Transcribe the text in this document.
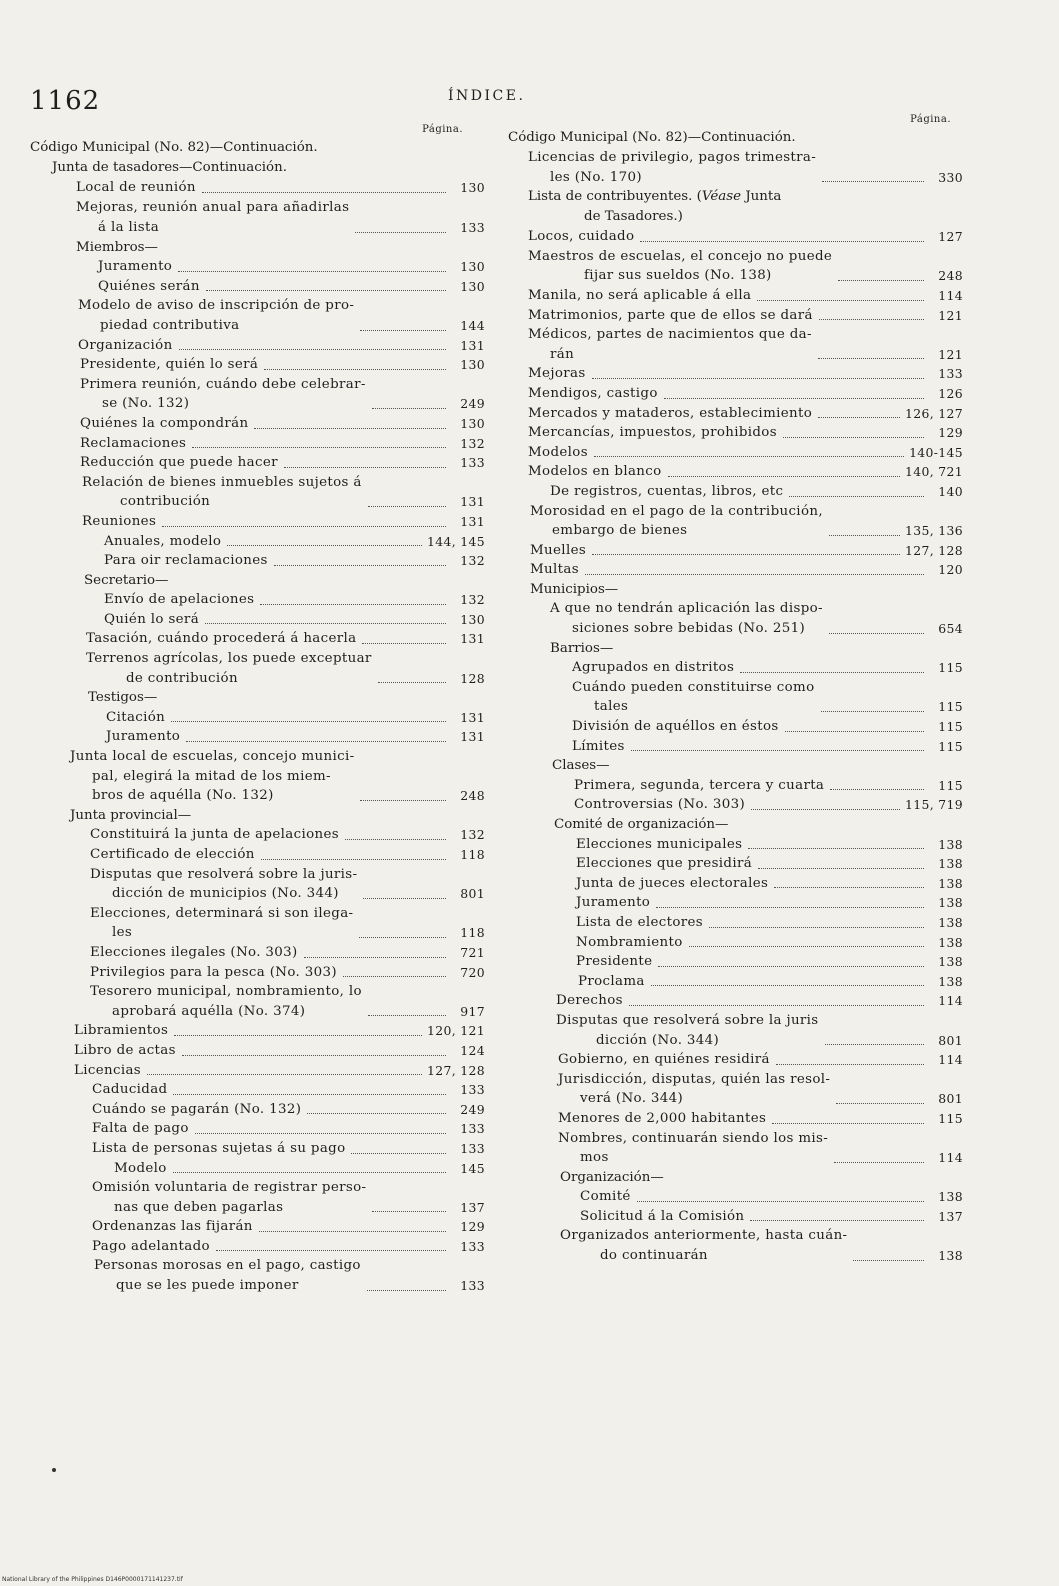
1162	ÍNDICE.
Página.
Código Municipal (No. 82)—Continuación.
Junta de tasadores—Continuación.
Local de reunión	130
Mejoras, reunión anual para añadirlas
á la lista	133
Miembros—
Juramento	130
Quiénes serán	130
Modelo de aviso de inscripción de pro-
piedad contributiva	144
Organización	131
Presidente, quién lo será	130
Primera reunión, cuándo debe celebrar-
se (No. 132)	249
Quiénes la compondrán	130
Reclamaciones	132
Reducción que puede hacer	133
Relación de bienes inmuebles sujetos á
contribución	131
Reuniones	131
Anuales, modelo	144, 145
Para oir reclamaciones	132
Secretario—
Envío de apelaciones	132
Quién lo será	130
Tasación, cuándo procederá á hacerla	131
Terrenos agrícolas, los puede exceptuar
de contribución	128
Testigos—
Citación	131
Juramento	131
Junta local de escuelas, concejo munici-
pal, elegirá la mitad de los miem-
bros de aquélla (No. 132)	248
Junta provincial—
Constituirá la junta de apelaciones	132
Certificado de elección	118
Disputas que resolverá sobre la juris-
dicción de municipios (No. 344)	801
Elecciones, determinará si son ilega-
les	118
Elecciones ilegales (No. 303)	721
Privilegios para la pesca (No. 303)	720
Tesorero municipal, nombramiento, lo
aprobará aquélla (No. 374)	917
Libramientos	120, 121
Libro de actas	124
Licencias	127, 128
Caducidad	133
Cuándo se pagarán (No. 132)	249
Falta de pago	133
Lista de personas sujetas á su pago	133
Modelo	145
Omisión voluntaria de registrar perso-
nas que deben pagarlas	137
Ordenanzas las fijarán	129
Pago adelantado	133
Personas morosas en el pago, castigo
que se les puede imponer	133
Página.
Código Municipal (No. 82)—Continuación.
Licencias de privilegio, pagos trimestra-
les (No. 170)	330
Lista de contribuyentes. (Véase Junta
de Tasadores.)
Locos, cuidado	127
Maestros de escuelas, el concejo no puede
fijar sus sueldos (No. 138)	248
Manila, no será aplicable á ella	114
Matrimonios, parte que de ellos se dará	121
Médicos, partes de nacimientos que da-
rán	121
Mejoras	133
Mendigos, castigo	126
Mercados y mataderos, establecimiento	126, 127
Mercancías, impuestos, prohibidos	129
Modelos	140-145
Modelos en blanco	140, 721
De registros, cuentas, libros, etc	140
Morosidad en el pago de la contribución,
embargo de bienes	135, 136
Muelles	127, 128
Multas	120
Municipios—
A que no tendrán aplicación las dispo-
siciones sobre bebidas (No. 251)	654
Barrios—
Agrupados en distritos	115
Cuándo pueden constituirse como
tales	115
División de aquéllos en éstos	115
Límites	115
Clases—
Primera, segunda, tercera y cuarta	115
Controversias (No. 303)	115, 719
Comité de organización—
Elecciones municipales	138
Elecciones que presidirá	138
Junta de jueces electorales	138
Juramento	138
Lista de electores	138
Nombramiento	138
Presidente	138
Proclama	138
Derechos	114
Disputas que resolverá sobre la juris
dicción (No. 344)	801
Gobierno, en quiénes residirá	114
Jurisdicción, disputas, quién las resol-
verá (No. 344)	801
Menores de 2,000 habitantes	115
Nombres, continuarán siendo los mis-
mos	114
Organización—
Comité	138
Solicitud á la Comisión	137
Organizados anteriormente, hasta cuán-
do continuarán	138
National Library of the Philippines D146P0000171141237.tif
